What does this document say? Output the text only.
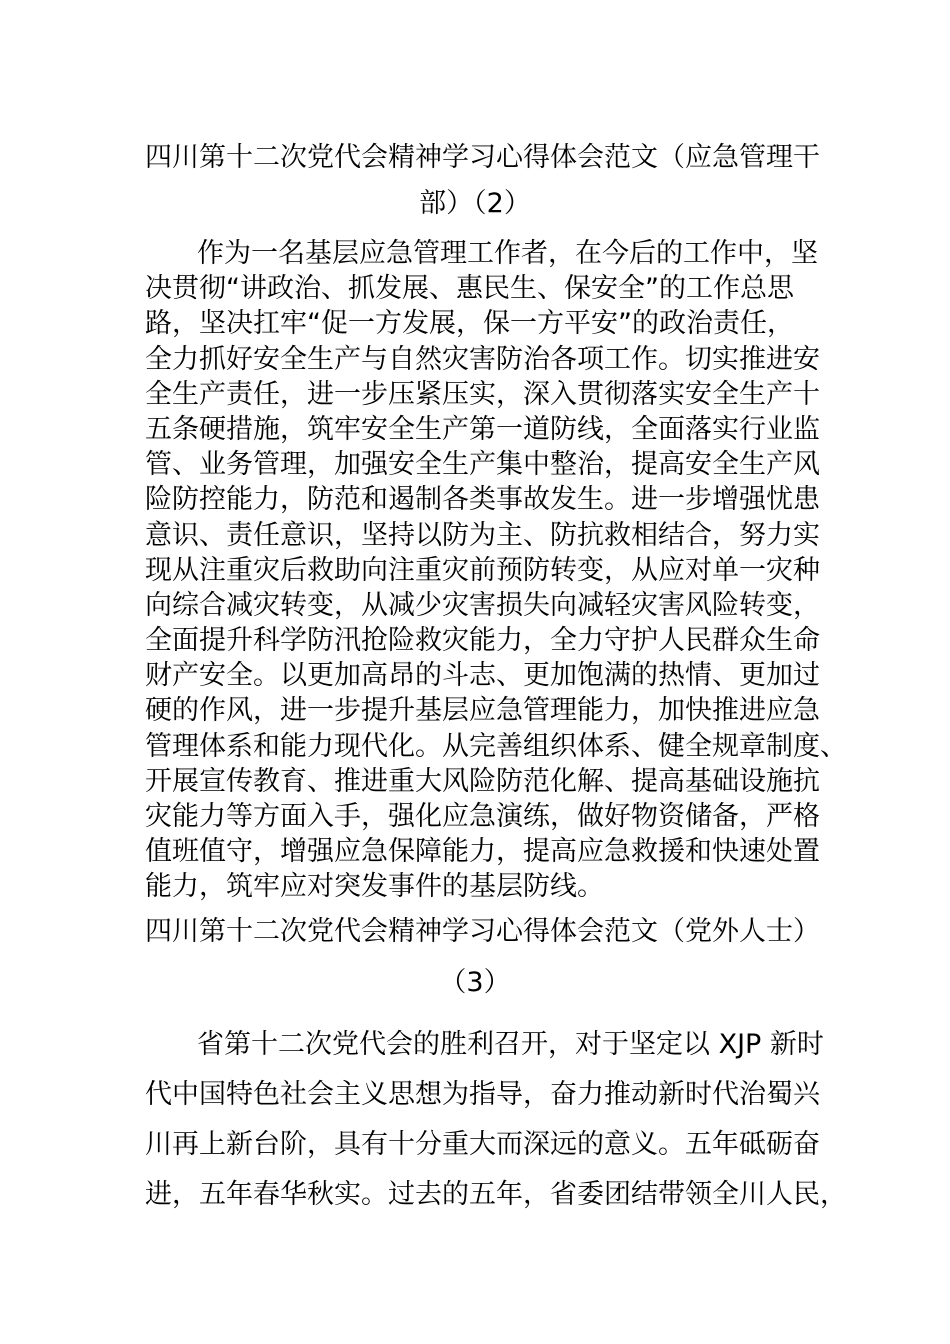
四川第十二次党代会精神学习心得体会范文（应急管理干
部）（2）
作为一名基层应急管理工作者，在今后的工作中，坚
决贯彻“讲政治、抓发展、惠民生、保安全”的工作总思
路，坚决扛牢“促一方发展，保一方平安”的政治责任，
全力抓好安全生产与自然灾害防治各项工作。切实推进安
全生产责任，进一步压紧压实，深入贯彻落实安全生产十
五条硬措施，筑牢安全生产第一道防线，全面落实行业监
管、业务管理，加强安全生产集中整治，提高安全生产风
险防控能力，防范和遏制各类事故发生。进一步增强忧患
意识、责任意识，坚持以防为主、防抗救相结合，努力实
现从注重灾后救助向注重灾前预防转变，从应对单一灾种
向综合减灾转变，从减少灾害损失向减轻灾害风险转变，
全面提升科学防汛抢险救灾能力，全力守护人民群众生命
财产安全。以更加高昂的斗志、更加饱满的热情、更加过
硬的作风，进一步提升基层应急管理能力，加快推进应急
管理体系和能力现代化。从完善组织体系、健全规章制度、
开展宣传教育、推进重大风险防范化解、提高基础设施抗
灾能力等方面入手，强化应急演练，做好物资储备，严格
值班值守，增强应急保障能力，提高应急救援和快速处置
能力，筑牢应对突发事件的基层防线。
四川第十二次党代会精神学习心得体会范文（党外人士）
（3）
省第十二次党代会的胜利召开，对于坚定以 XJP 新时
代中国特色社会主义思想为指导，奋力推动新时代治蜀兴
川再上新台阶，具有十分重大而深远的意义。五年砥砺奋
进，五年春华秋实。过去的五年，省委团结带领全川人民，
